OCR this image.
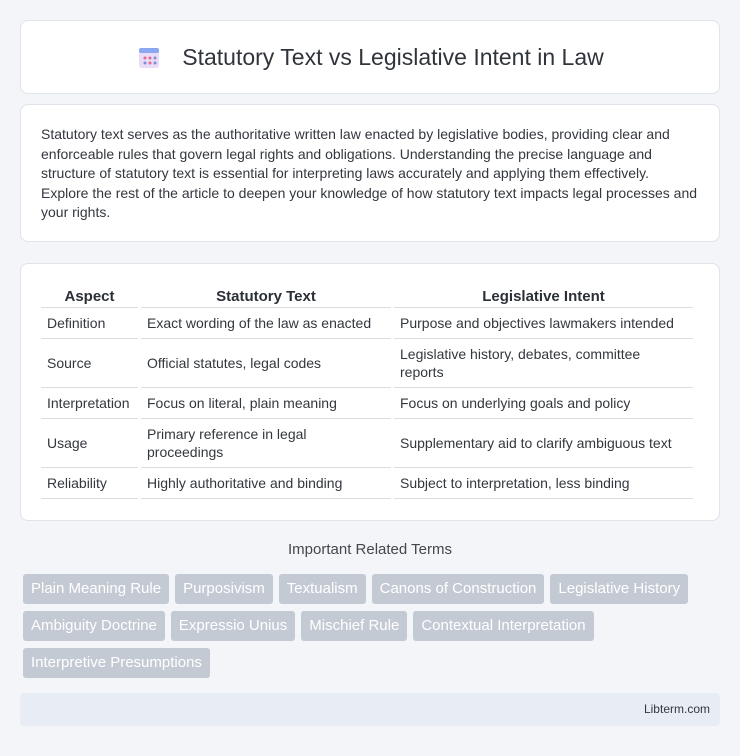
Statutory Text vs Legislative Intent in Law

Statutory text serves as the authoritative written law enacted by legislative bodies, providing clear and enforceable rules that govern legal rights and obligations. Understanding the precise language and structure of statutory text is essential for interpreting laws accurately and applying them effectively. Explore the rest of the article to deepen your knowledge of how statutory text impacts legal processes and your rights.

Aspect	Statutory Text	Legislative Intent
Definition	Exact wording of the law as enacted	Purpose and objectives lawmakers intended
Source	Official statutes, legal codes	Legislative history, debates, committee reports
Interpretation	Focus on literal, plain meaning	Focus on underlying goals and policy
Usage	Primary reference in legal proceedings	Supplementary aid to clarify ambiguous text
Reliability	Highly authoritative and binding	Subject to interpretation, less binding
Important Related Terms
Plain Meaning Rule	Purposivism	Textualism	Canons of Construction	Legislative History
Ambiguity Doctrine	Expressio Unius	Mischief Rule	Contextual Interpretation
Interpretive Presumptions
Libterm.com
